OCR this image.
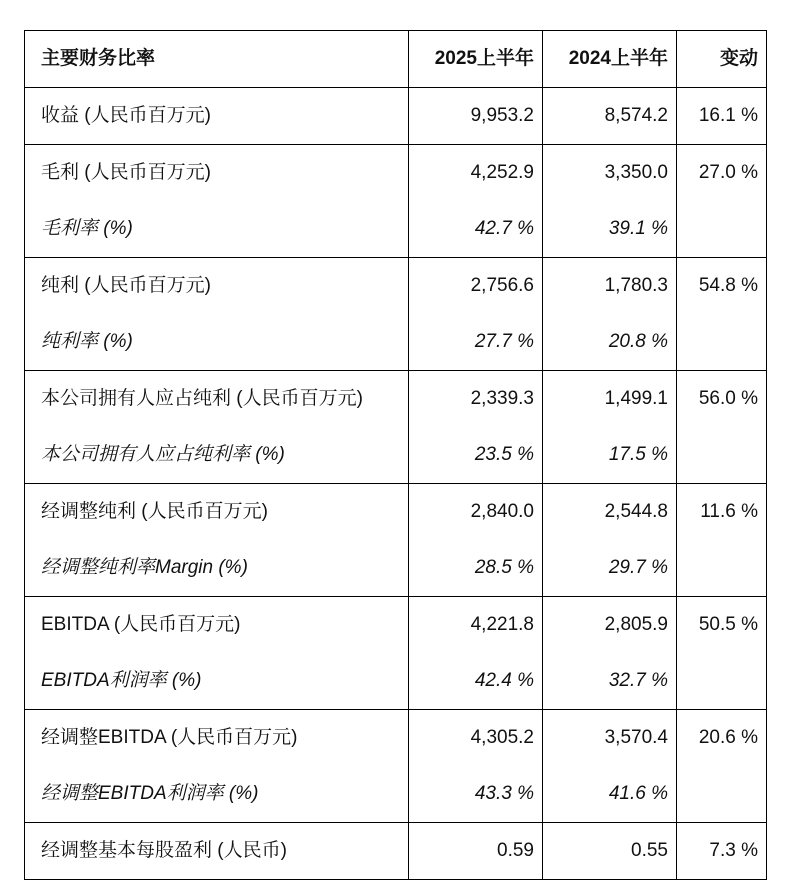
主要财务比率	2025上半年	2024上半年	变动
收益 (人民币百万元)	9,953.2	8,574.2	16.1 %
毛利 (人民币百万元)	4,252.9	3,350.0	27.0 %
毛利率 (%)	42.7 %	39.1 %	
纯利 (人民币百万元)	2,756.6	1,780.3	54.8 %
纯利率 (%)	27.7 %	20.8 %	
本公司拥有人应占纯利 (人民币百万元)	2,339.3	1,499.1	56.0 %
本公司拥有人应占纯利率 (%)	23.5 %	17.5 %	
经调整纯利 (人民币百万元)	2,840.0	2,544.8	11.6 %
经调整纯利率Margin (%)	28.5 %	29.7 %	
EBITDA (人民币百万元)	4,221.8	2,805.9	50.5 %
EBITDA利润率 (%)	42.4 %	32.7 %	
经调整EBITDA (人民币百万元)	4,305.2	3,570.4	20.6 %
经调整EBITDA利润率 (%)	43.3 %	41.6 %	
经调整基本每股盈利 (人民币)	0.59	0.55	7.3 %
